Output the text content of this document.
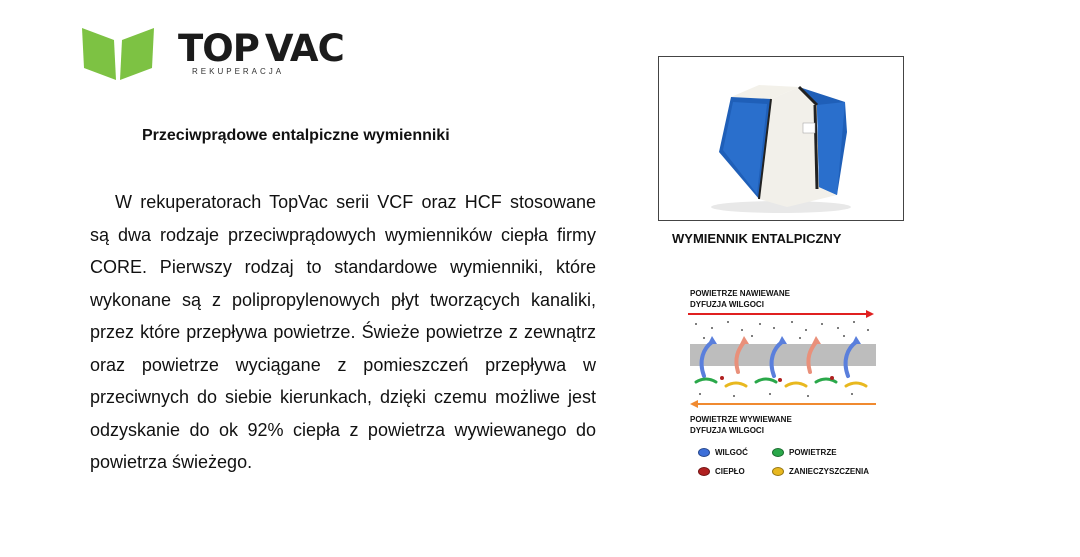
TOP VAC
REKUPERACJA
Przeciwprądowe entalpiczne wymienniki
W rekuperatorach TopVac serii VCF oraz HCF stosowane są dwa rodzaje przeciwprądowych wymienników ciepła firmy CORE. Pierwszy rodzaj to standardowe wymienniki, które wykonane są z polipropylenowych płyt tworzących kanaliki, przez które przepływa powietrze. Świeże powietrze z zewnątrz oraz powietrze wyciągane z pomieszczeń przepływa w przeciwnych do siebie kierunkach, dzięki czemu możliwe jest odzyskanie do ok 92% ciepła z powietrza wywiewanego do powietrza świeżego.
WYMIENNIK ENTALPICZNY
POWIETRZE NAWIEWANE
DYFUZJA WILGOCI
POWIETRZE WYWIEWANE
DYFUZJA WILGOCI
WILGOĆ	POWIETRZE
CIEPŁO	ZANIECZYSZCZENIA
